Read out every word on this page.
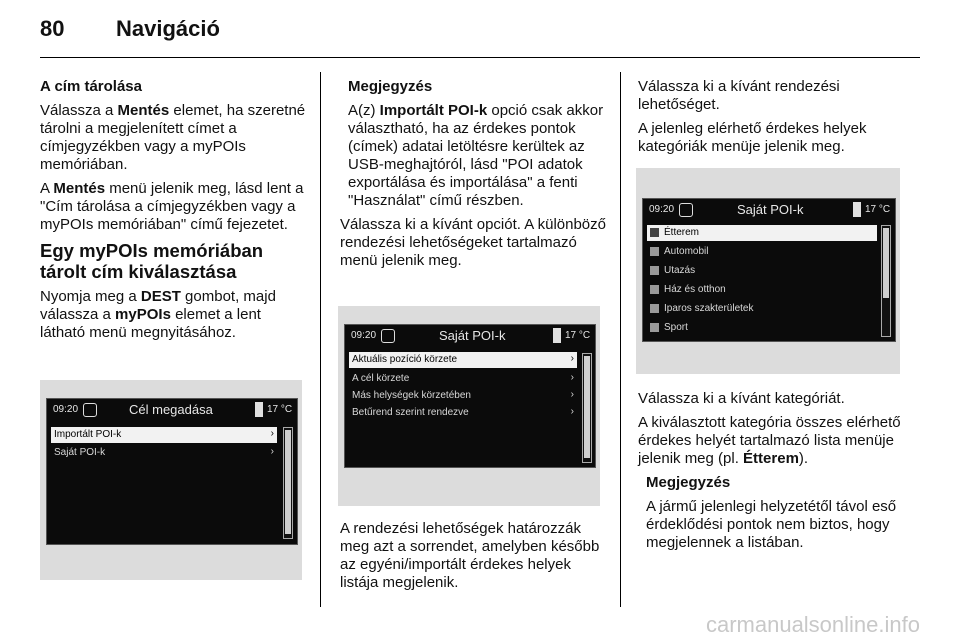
80 Navigáció

A cím tárolása

Válassza a Mentés elemet, ha szeretné tárolni a megjelenített címet a címjegyzékben vagy a myPOIs memóriában.

A Mentés menü jelenik meg, lásd lent a "Cím tárolása a címjegyzékben vagy a myPOIs memóriában" című fejezetet.

Egy myPOIs memóriában tárolt cím kiválasztása

Nyomja meg a DEST gombot, majd válassza a myPOIs elemet a lent látható menü megnyitásához.

09:20	Cél megadása	17 °C
Importált POI-k	›
Saját POI-k	›

Megjegyzés

A(z) Importált POI-k opció csak akkor választható, ha az érdekes pontok (címek) adatai letöltésre kerültek az USB-meghajtóról, lásd "POI adatok exportálása és importálása" a fenti "Használat" című részben.

Válassza ki a kívánt opciót. A különböző rendezési lehetőségeket tartalmazó menü jelenik meg.

09:20	Saját POI-k	17 °C
Aktuális pozíció körzete	›
A cél körzete	›
Más helységek körzetében	›
Betűrend szerint rendezve	›

A rendezési lehetőségek határozzák meg azt a sorrendet, amelyben később az egyéni/importált érdekes helyek listája megjelenik.

Válassza ki a kívánt rendezési lehetőséget.

A jelenleg elérhető érdekes helyek kategóriák menüje jelenik meg.

09:20	Saját POI-k	17 °C
Étterem
Automobil
Utazás
Ház és otthon
Iparos szakterületek
Sport

Válassza ki a kívánt kategóriát.

A kiválasztott kategória összes elérhető érdekes helyét tartalmazó lista menüje jelenik meg (pl. Étterem).

Megjegyzés

A jármű jelenlegi helyzetétől távol eső érdeklődési pontok nem biztos, hogy megjelennek a listában.

carmanualsonline.info
